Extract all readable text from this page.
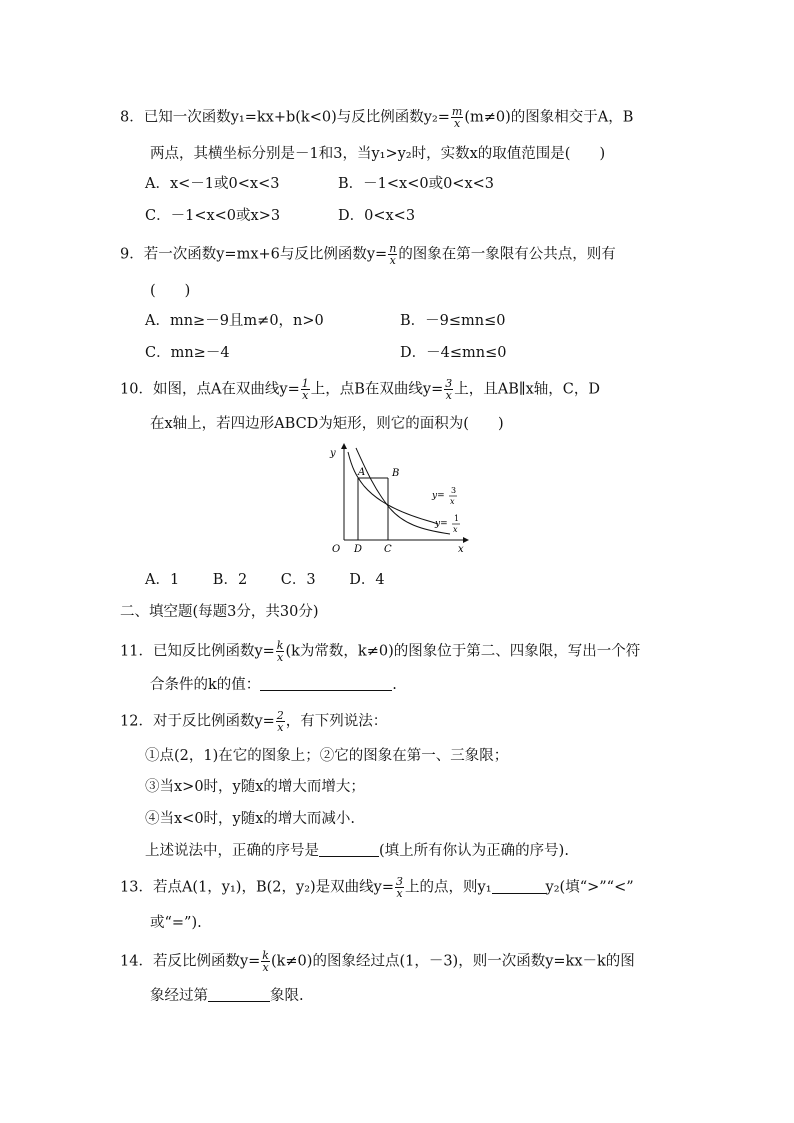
8．已知一次函数y₁=kx+b(k<0)与反比例函数$y_2= \frac{m}{x} (m\ne 0)$的图象相交于A，B
两点，其横坐标分别是－1和3，当y₁>y₂时，实数x的取值范围是(　　)
A．x<－1或0<x<3	B．－1<x<0或0<x<3
C．－1<x<0或x>3	D．0<x<3
9．若一次函数y=mx+6与反比例函数$y= \frac{n}{x}$ 的图象在第一象限有公共点，则有
(　　)
A．mn≥－9且m≠0，n>0	B．－9≤mn≤0
C．mn≥－4	D．－4≤mn≤0
10．如图，点A在双曲线$y= \frac{1}{x}$ 上，点B在双曲线$y= \frac{3}{x}$ 上，且AB∥x轴，C，D
在x轴上，若四边形ABCD为矩形，则它的面积为(　　)
y
x
O
A	B
C
D
y=
3
x
y=
1
x
A．1　　 B．2　　 C．3　　 D．4
二、填空题(每题3分，共30分)
11．已知反比例函数$y= \frac{k}{x} (k$为常数，k≠0)的图象位于第二、四象限，写出一个符
合条件的k的值：	.
12．对于反比例函数$y= \frac{2}{x}$ ，有下列说法：
①点(2，1)在它的图象上；②它的图象在第一、三象限；
③当x>0时，y随x的增大而增大；
④当x<0时，y随x的增大而减小.
上述说法中，正确的序号是	(填上所有你认为正确的序号).
13．若点A(1，y₁)，B(2，y₂)是双曲线$y= \frac{3}{x}$ 上的点，则y₁	y₂(填“>”“<”
或“=”).
14．若反比例函数$y= \frac{k}{x} (k\ne 0)$的图象经过点(1，－3)，则一次函数y=kx－k的图
象经过第	象限.
